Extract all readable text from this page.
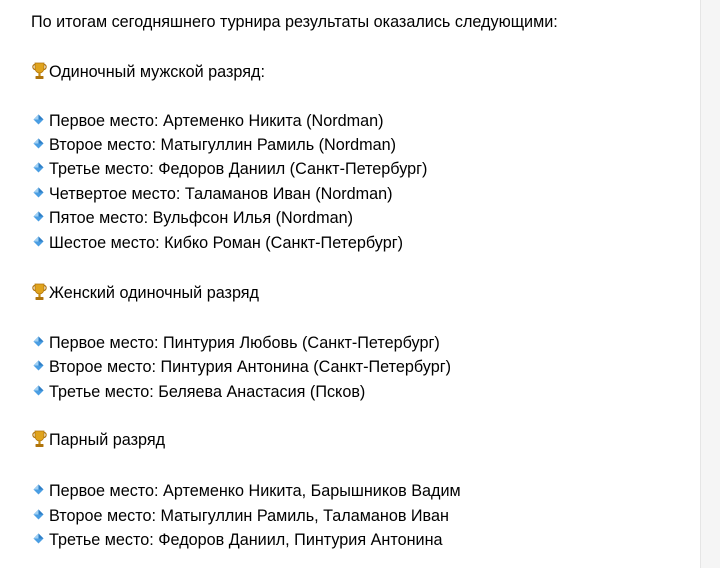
По итогам сегодняшнего турнира результаты оказались следующими:
Одиночный мужской разряд:
Первое место: Артеменко Никита (Nordman)
Второе место: Матыгуллин Рамиль (Nordman)
Третье место: Федоров Даниил (Санкт-Петербург)
Четвертое место: Таламанов Иван (Nordman)
Пятое место: Вульфсон Илья (Nordman)
Шестое место: Кибко Роман (Санкт-Петербург)
Женский одиночный разряд
Первое место: Пинтурия Любовь (Санкт-Петербург)
Второе место: Пинтурия Антонина (Санкт-Петербург)
Третье место: Беляева Анастасия (Псков)
Парный разряд
Первое место: Артеменко Никита, Барышников Вадим
Второе место: Матыгуллин Рамиль, Таламанов Иван
Третье место: Федоров Даниил, Пинтурия Антонина
